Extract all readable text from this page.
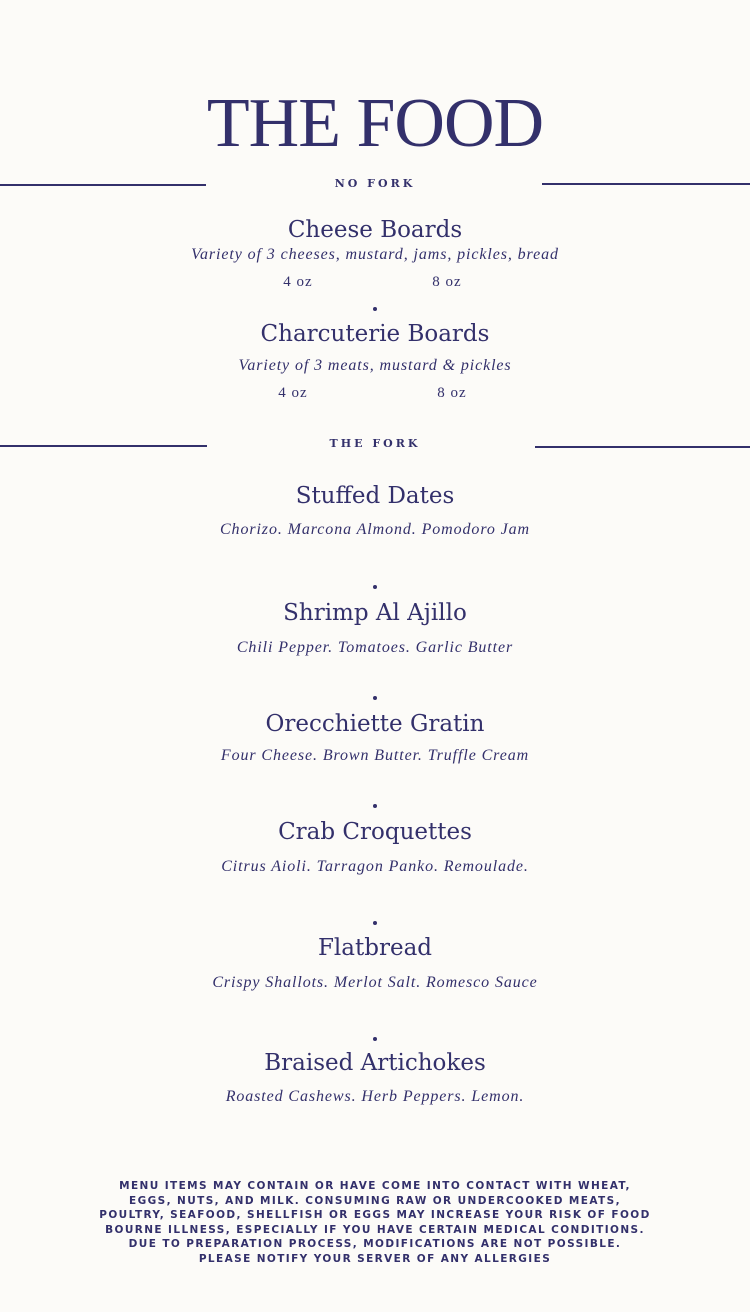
THE FOOD
NO FORK
Cheese Boards
Variety of 3 cheeses, mustard, jams, pickles, bread
4 oz	8 oz
Charcuterie Boards
Variety of 3 meats, mustard & pickles
4 oz	8 oz
THE FORK
Stuffed Dates
Chorizo. Marcona Almond. Pomodoro Jam
Shrimp Al Ajillo
Chili Pepper. Tomatoes. Garlic Butter
Orecchiette Gratin
Four Cheese. Brown Butter. Truffle Cream
Crab Croquettes
Citrus Aioli. Tarragon Panko. Remoulade.
Flatbread
Crispy Shallots. Merlot Salt. Romesco Sauce
Braised Artichokes
Roasted Cashews. Herb Peppers. Lemon.
MENU ITEMS MAY CONTAIN OR HAVE COME INTO CONTACT WITH WHEAT,
EGGS, NUTS, AND MILK. CONSUMING RAW OR UNDERCOOKED MEATS,
POULTRY, SEAFOOD, SHELLFISH OR EGGS MAY INCREASE YOUR RISK OF FOOD
BOURNE ILLNESS, ESPECIALLY IF YOU HAVE CERTAIN MEDICAL CONDITIONS.
DUE TO PREPARATION PROCESS, MODIFICATIONS ARE NOT POSSIBLE.
PLEASE NOTIFY YOUR SERVER OF ANY ALLERGIES
